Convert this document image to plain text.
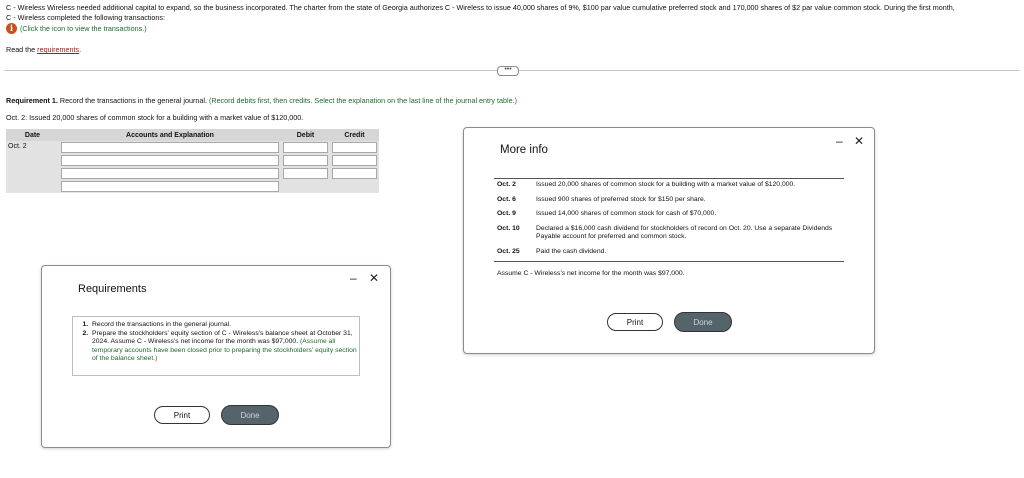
C - Wireless Wireless needed additional capital to expand, so the business incorporated. The charter from the state of Georgia authorizes C - Wireless to issue 40,000 shares of 9%, $100 par value cumulative preferred stock and 170,000 shares of $2 par value common stock. During the first month,
C - Wireless completed the following transactions:
i (Click the icon to view the transactions.)
Read the requirements.
•••
Requirement 1. Record the transactions in the general journal. (Record debits first, then credits. Select the explanation on the last line of the journal entry table.)
Oct. 2: Issued 20,000 shares of common stock for a building with a market value of $120,000.
Date	Accounts and Explanation	Debit	Credit
Oct. 2	

– ✕
Requirements
1. Record the transactions in the general journal.
2. Prepare the stockholders' equity section of C - Wireless's balance sheet at October 31, 2024. Assume C - Wireless's net income for the month was $97,000. (Assume all temporary accounts have been closed prior to preparing the stockholders' equity section of the balance sheet.)
Print	Done
– ✕
More info
Oct. 2	Issued 20,000 shares of common stock for a building with a market value of $120,000.
Oct. 6	Issued 900 shares of preferred stock for $150 per share.
Oct. 9	Issued 14,000 shares of common stock for cash of $70,000.
Oct. 10	Declared a $16,000 cash dividend for stockholders of record on Oct. 20. Use a separate Dividends Payable account for preferred and common stock.
Oct. 25	Paid the cash dividend.
Assume C - Wireless's net income for the month was $97,000.
Print	Done
